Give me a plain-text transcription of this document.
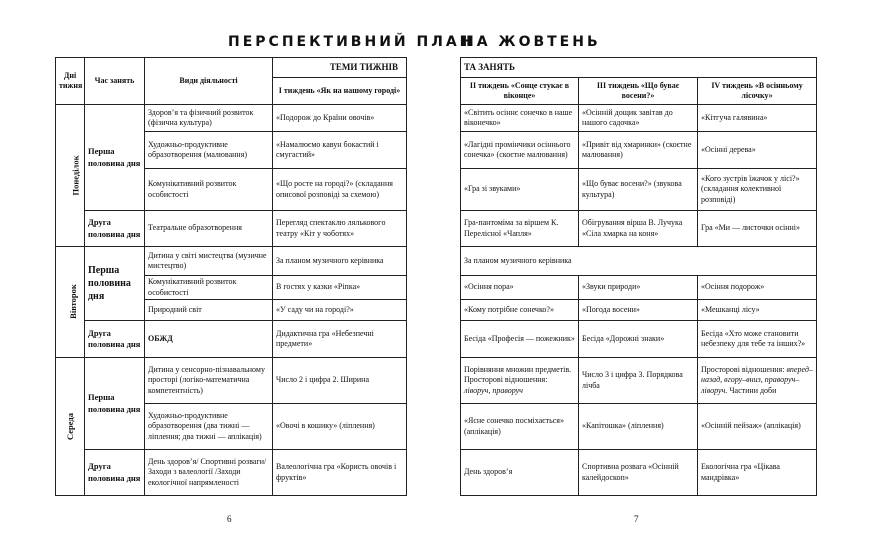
ПЕРСПЕКТИВНИЙ ПЛАН
НА ЖОВТЕНЬ
Дні тижня	Час занять	Види діяльності	ТЕМИ ТИЖНІВ
			І тиждень «Як на нашому городі»
Понеділок	Перша половина дня	Здоров’я та фізичний розвиток (фізична культура)	«Подорож до Країни овочів»
		Художньо-продуктивне образотворення (малювання)	«Намалюємо кавун бокастий і смугастий»
		Комунікативний розвиток особистості	«Що росте на городі?» (складання описової розповіді за схемою)
	Друга половина дня	Театральне образотворення	Перегляд спектаклю ляльковогo театру «Кіт у чоботях»
Вівторок	Перша половина дня	Дитина у світі мистецтва (музичне мистецтво)	За планом музичного керівника
		Комунікативний розвиток особистості	В гостях у казки «Ріпка»
		Природний світ	«У саду чи на городі?»
	Друга половина дня	ОБЖД	Дидактична гра «Небезпечні предмети»
Середа	Перша половина дня	Дитина у сенсорно-пізнавальному просторі (логіко-математична компетентність)	Число 2 і цифра 2. Ширина
		Художньо-продуктивне образотворення (два тижні — ліплення; два тижні — аплікація)	«Овочі в кошику» (ліплення)
	Друга половина дня	День здоров’я/ Спортивні розваги/ Заходи з валеології /Заходи екологічної напрямленості	Валеологічна гра «Користь овочів і фруктів»
ТА ЗАНЯТЬ		
ІІ тиждень «Сонце стукає в віконце»	ІІІ тиждень «Що буває восени?»	ІV тиждень «В осінньому лісочку»
«Світить осіннє сонечко в наше віконечко»	«Осінній дощик завітав до нашого садочка»	«Кітгуча галявина»
«Лагідні промінчики осіннього сонечка» (скоєтне малювання)	«Привіт від хмаринки» (скоєтне малювання)	«Осінні дерева»
«Гра зі звуками»	«Що буває восени?» (звукова культура)	«Кого зустрів їжачок у лісі?» (складання колективної розповіді)
Гра-пантоміма за віршем К. Перелісної «Чапля»	Обігрування вірша В. Лучука «Сіла хмарка на коня»	Гра «Ми — листочки осінні»
За планом музичного керівника		
«Осіння пора»	«Звуки природи»	«Осіння подорож»
«Кому потрібне сонечко?»	«Погода восени»	«Мешканці лісу»
Бесіда «Професія — пожежник»	Бесіда «Дорожні знаки»	Бесіда «Хто може становити небезпеку для тебе та інших?»
Порівняння множин предметів. Просторові відношення: ліворуч, праворуч	Число 3 і цифра 3. Порядкова лічба	Просторові відношення: вперед–назад, вгору–вниз, праворуч–ліворуч. Частини доби
«Ясне сонечко посміхається» (аплікація)	«Капітошка» (ліплення)	«Осінній пейзаж» (аплікація)
День здоров’я	Спортивна розвага «Осінній калейдоскоп»	Екологічна гра «Цікава мандрівка»
6	7
